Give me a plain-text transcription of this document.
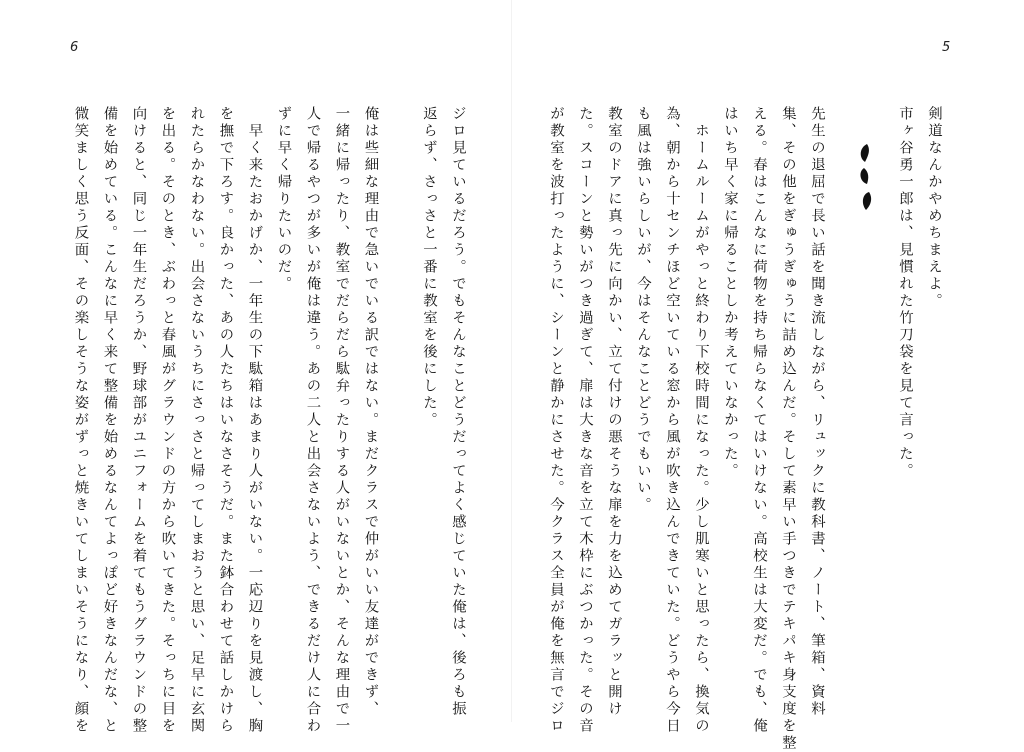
6	5

剣道なんかやめちまえよ。

市ヶ谷勇一郎は、見慣れた竹刀袋を見て言った。

先生の退屈で長い話を聞き流しながら、リュックに教科書、ノート、筆箱、資料

集、その他をぎゅうぎゅうに詰め込んだ。そして素早い手つきでテキパキ身支度を整

える。春はこんなに荷物を持ち帰らなくてはいけない。高校生は大変だ。でも、俺

はいち早く家に帰ることしか考えていなかった。

　ホームルームがやっと終わり下校時間になった。少し肌寒いと思ったら、換気の

為、朝から十センチほど空いている窓から風が吹き込んできていた。どうやら今日

も風は強いらしいが、今はそんなことどうでもいい。

教室のドアに真っ先に向かい、立て付けの悪そうな扉を力を込めてガラッと開け

た。スコーンと勢いがつき過ぎて、扉は大きな音を立て木枠にぶつかった。その音

が教室を波打ったように、シーンと静かにさせた。今クラス全員が俺を無言でジロ

ジロ見ているだろう。でもそんなことどうだってよく感じていた俺は、後ろも振

返らず、さっさと一番に教室を後にした。

俺は些細な理由で急いでいる訳ではない。まだクラスで仲がいい友達ができず、

一緒に帰ったり、教室でだらだら駄弁ったりする人がいないとか、そんな理由で一

人で帰るやつが多いが俺は違う。あの二人と出会さないよう、できるだけ人に合わ

ずに早く帰りたいのだ。

　早く来たおかげか、一年生の下駄箱はあまり人がいない。一応辺りを見渡し、胸

を撫で下ろす。良かった、あの人たちはいなさそうだ。また鉢合わせて話しかけら

れたらかなわない。出会さないうちにさっさと帰ってしまおうと思い、足早に玄関

を出る。そのとき、ぶわっと春風がグラウンドの方から吹いてきた。そっちに目を

向けると、同じ一年生だろうか、野球部がユニフォームを着てもうグラウンドの整

備を始めている。こんなに早く来て整備を始めるなんてよっぽど好きなんだな、と

微笑ましく思う反面、その楽しそうな姿がずっと焼きいてしまいそうになり、顔を
